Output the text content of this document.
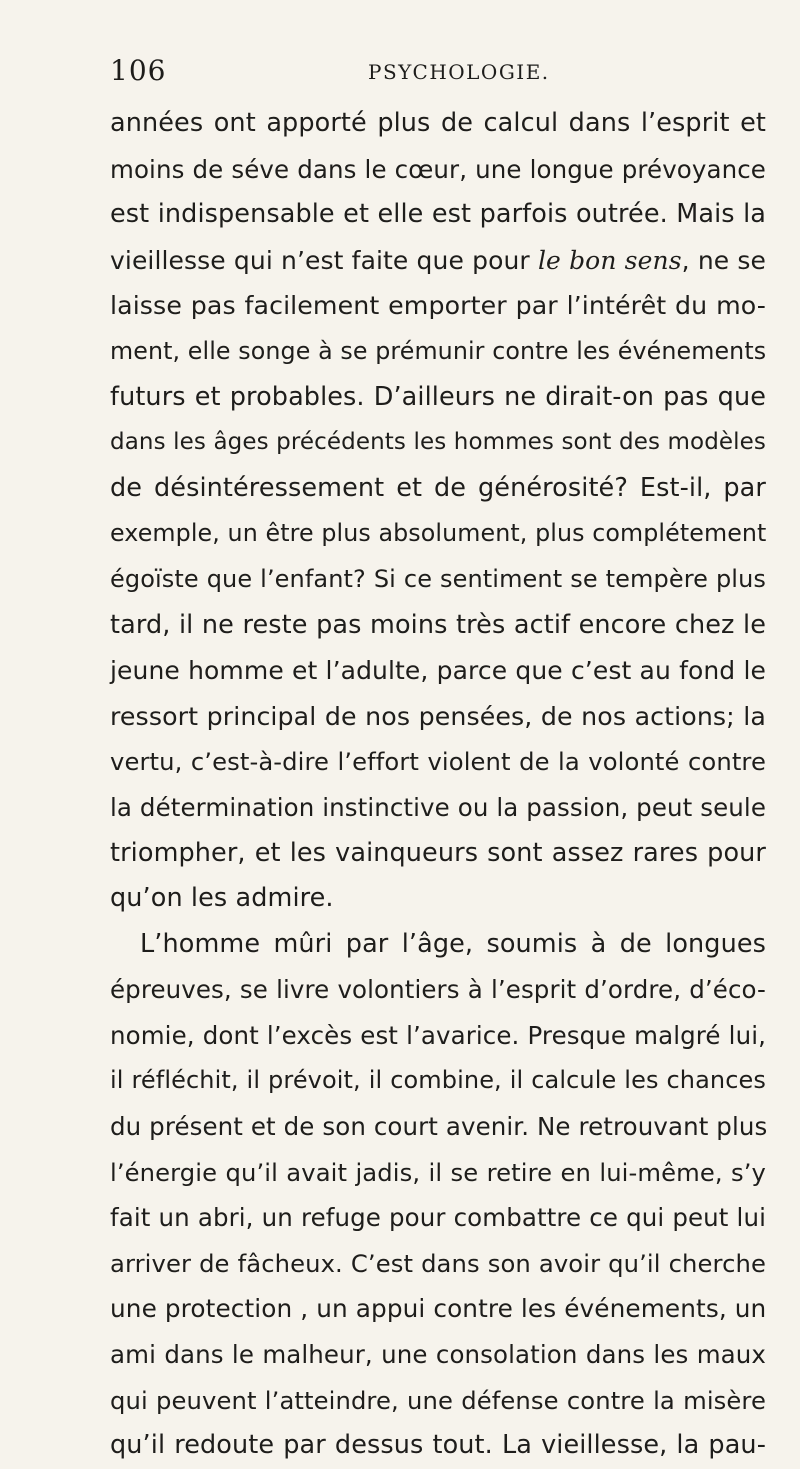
106	PSYCHOLOGIE.
années ont apporté plus de calcul dans l’esprit et
moins de séve dans le cœur, une longue prévoyance
est indispensable et elle est parfois outrée. Mais la
vieillesse qui n’est faite que pour le bon sens, ne se
laisse pas facilement emporter par l’intérêt du mo-
ment, elle songe à se prémunir contre les événements
futurs et probables. D’ailleurs ne dirait-on pas que
dans les âges précédents les hommes sont des modèles
de désintéressement et de générosité? Est-il, par
exemple, un être plus absolument, plus complétement
égoïste que l’enfant? Si ce sentiment se tempère plus
tard, il ne reste pas moins très actif encore chez le
jeune homme et l’adulte, parce que c’est au fond le
ressort principal de nos pensées, de nos actions; la
vertu, c’est-à-dire l’effort violent de la volonté contre
la détermination instinctive ou la passion, peut seule
triompher, et les vainqueurs sont assez rares pour
qu’on les admire.
L’homme mûri par l’âge, soumis à de longues
épreuves, se livre volontiers à l’esprit d’ordre, d’éco-
nomie, dont l’excès est l’avarice. Presque malgré lui,
il réfléchit, il prévoit, il combine, il calcule les chances
du présent et de son court avenir. Ne retrouvant plus
l’énergie qu’il avait jadis, il se retire en lui-même, s’y
fait un abri, un refuge pour combattre ce qui peut lui
arriver de fâcheux. C’est dans son avoir qu’il cherche
une protection , un appui contre les événements, un
ami dans le malheur, une consolation dans les maux
qui peuvent l’atteindre, une défense contre la misère
qu’il redoute par dessus tout. La vieillesse, la pau-
